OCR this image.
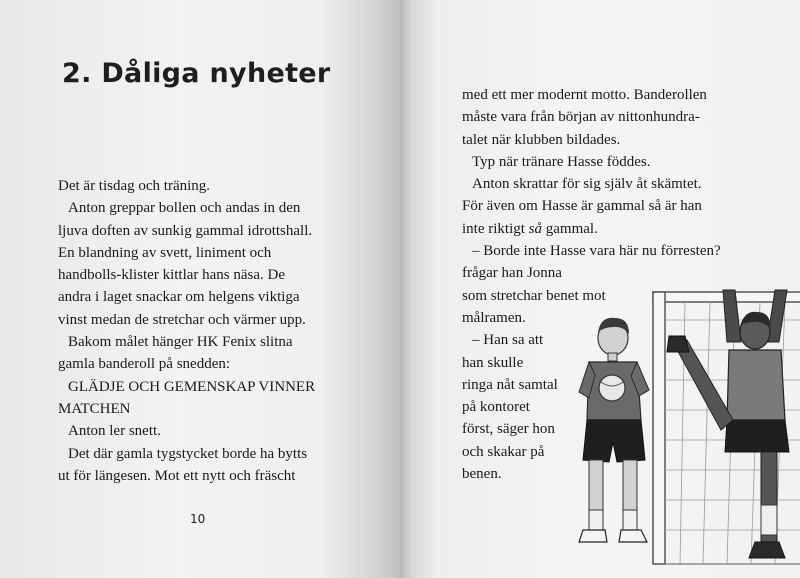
2. Dåliga nyheter
Det är tisdag och träning.
Anton greppar bollen och andas in den
ljuva doften av sunkig gammal idrottshall.
En blandning av svett, liniment och
handbolls-klister kittlar hans näsa. De
andra i laget snackar om helgens viktiga
vinst medan de stretchar och värmer upp.
Bakom målet hänger HK Fenix slitna
gamla banderoll på snedden:
GLÄDJE OCH GEMENSKAP VINNER
MATCHEN
Anton ler snett.
Det där gamla tygstycket borde ha bytts
ut för längesen. Mot ett nytt och fräscht
10
med ett mer modernt motto. Banderollen
måste vara från början av nittonhundra-
talet när klubben bildades.
Typ när tränare Hasse föddes.
Anton skrattar för sig själv åt skämtet.
För även om Hasse är gammal så är han
inte riktigt så gammal.
– Borde inte Hasse vara här nu förresten?
frågar han Jonna
som stretchar benet mot
målramen.
– Han sa att
han skulle
ringa nåt samtal
på kontoret
först, säger hon
och skakar på
benen.
